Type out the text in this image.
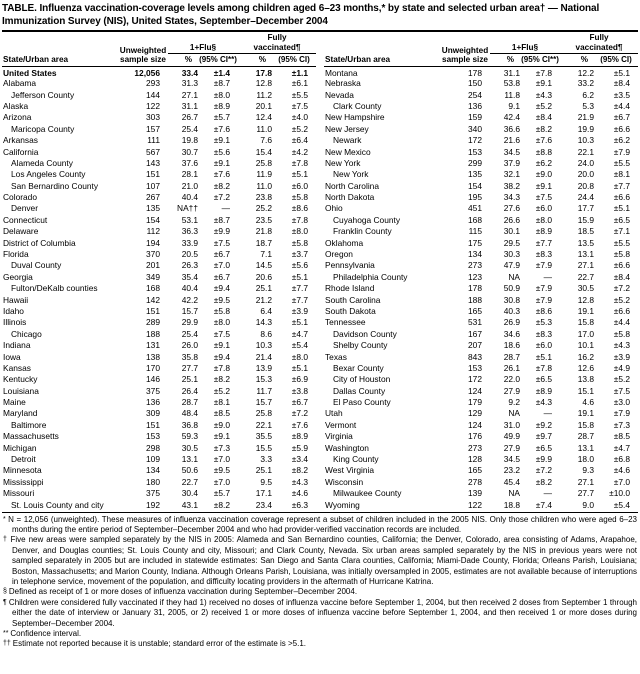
TABLE. Influenza vaccination-coverage levels among children aged 6–23 months,* by state and selected urban area† — National Immunization Survey (NIS), United States, September–December 2004
State/Urban area	Unweighted sample size	1+Flu§		Fully vaccinated¶	
		%	(95% CI**)	%	(95% CI)
United States	12,056	33.4	±1.4	17.8	±1.1
Alabama	293	31.3	±8.7	12.8	±6.1
Jefferson County	144	27.1	±8.0	11.2	±5.5
Alaska	122	31.1	±8.9	20.1	±7.5
Arizona	303	26.7	±5.7	12.4	±4.0
Maricopa County	157	25.4	±7.6	11.0	±5.2
Arkansas	111	19.8	±9.1	7.6	±6.4
California	567	30.7	±5.6	15.4	±4.2
Alameda County	143	37.6	±9.1	25.8	±7.8
Los Angeles County	151	28.1	±7.6	11.9	±5.1
San Bernardino County	107	21.0	±8.2	11.0	±6.0
Colorado	267	40.4	±7.2	23.8	±5.8
Denver	135	NA††	—	25.2	±8.6
Connecticut	154	53.1	±8.7	23.5	±7.8
Delaware	112	36.3	±9.9	21.8	±8.0
District of Columbia	194	33.9	±7.5	18.7	±5.8
Florida	370	20.5	±6.7	7.1	±3.7
Duval County	201	26.3	±7.0	14.5	±5.6
Georgia	349	35.4	±6.7	20.6	±5.1
Fulton/DeKalb counties	168	40.4	±9.4	25.1	±7.7
Hawaii	142	42.2	±9.5	21.2	±7.7
Idaho	151	15.7	±5.8	6.4	±3.9
Illinois	289	29.9	±8.0	14.3	±5.1
Chicago	188	25.4	±7.5	8.6	±4.7
Indiana	131	26.0	±9.1	10.3	±5.4
Iowa	138	35.8	±9.4	21.4	±8.0
Kansas	170	27.7	±7.8	13.9	±5.1
Kentucky	146	25.1	±8.2	15.3	±6.9
Louisiana	375	26.4	±5.2	11.7	±3.8
Maine	136	28.7	±8.1	15.7	±6.7
Maryland	309	48.4	±8.5	25.8	±7.2
Baltimore	151	36.8	±9.0	22.1	±7.6
Massachusetts	153	59.3	±9.1	35.5	±8.9
Michigan	298	30.5	±7.3	15.5	±5.9
Detroit	109	13.1	±7.0	3.3	±3.4
Minnesota	134	50.6	±9.5	25.1	±8.2
Mississippi	180	22.7	±7.0	9.5	±4.3
Missouri	375	30.4	±5.7	17.1	±4.6
St. Louis County and city	192	43.1	±8.2	23.4	±6.3
State/Urban area	Unweighted sample size	1+Flu§		Fully vaccinated¶	
		%	(95% CI**)	%	(95% CI)
Montana	178	31.1	±7.8	12.2	±5.1
Nebraska	150	53.8	±9.1	33.2	±8.4
Nevada	254	11.8	±4.3	6.2	±3.5
Clark County	136	9.1	±5.2	5.3	±4.4
New Hampshire	159	42.4	±8.4	21.9	±6.7
New Jersey	340	36.6	±8.2	19.9	±6.6
Newark	172	21.6	±7.6	10.3	±6.2
New Mexico	153	34.5	±8.8	22.1	±7.9
New York	299	37.9	±6.2	24.0	±5.5
New York	135	32.1	±9.0	20.0	±8.1
North Carolina	154	38.2	±9.1	20.8	±7.7
North Dakota	195	34.3	±7.5	24.4	±6.6
Ohio	451	27.6	±6.0	17.7	±5.1
Cuyahoga County	168	26.6	±8.0	15.9	±6.5
Franklin County	115	30.1	±8.9	18.5	±7.1
Oklahoma	175	29.5	±7.7	13.5	±5.5
Oregon	134	30.3	±8.3	13.1	±5.8
Pennsylvania	273	47.9	±7.9	27.1	±6.6
Philadelphia County	123	NA	—	22.7	±8.4
Rhode Island	178	50.9	±7.9	30.5	±7.2
South Carolina	188	30.8	±7.9	12.8	±5.2
South Dakota	165	40.3	±8.6	19.1	±6.6
Tennessee	531	26.9	±5.3	15.8	±4.4
Davidson County	167	34.6	±8.3	17.0	±5.8
Shelby County	207	18.6	±6.0	10.1	±4.3
Texas	843	28.7	±5.1	16.2	±3.9
Bexar County	153	26.1	±7.8	12.6	±4.9
City of Houston	172	22.0	±6.5	13.8	±5.2
Dallas County	124	27.9	±8.9	15.1	±7.5
El Paso County	179	9.2	±4.3	4.6	±3.0
Utah	129	NA	—	19.1	±7.9
Vermont	124	31.0	±9.2	15.8	±7.3
Virginia	176	49.9	±9.7	28.7	±8.5
Washington	273	27.9	±6.5	13.1	±4.7
King County	128	34.5	±9.9	18.0	±6.8
West Virginia	165	23.2	±7.2	9.3	±4.6
Wisconsin	278	45.4	±8.2	27.1	±7.0
Milwaukee County	139	NA	—	27.7	±10.0
Wyoming	122	18.8	±7.4	9.0	±5.4
* N = 12,056 (unweighted). These measures of influenza vaccination coverage represent a subset of children included in the 2005 NIS. Only those children who were aged 6–23 months during the entire period of September–December 2004 and who had provider-verified vaccination records are included.
† Five new areas were sampled separately by the NIS in 2005: Alameda and San Bernardino counties, California; the Denver, Colorado, area consisting of Adams, Arapahoe, Denver, and Douglas counties; St. Louis County and city, Missouri; and Clark County, Nevada. Six urban areas sampled separately by the NIS in previous years were not sampled separately in 2005 but are included in statewide estimates: San Diego and Santa Clara counties, California; Miami-Dade County, Florida; Orleans Parish, Louisiana; Boston, Massachusetts; and Marion County, Indiana. Although Orleans Parish, Louisiana, was initially oversampled in 2005, estimates are not available because of interruptions in telephone service, movement of the population, and difficulty locating providers in the aftermath of Hurricane Katrina.
§ Defined as receipt of 1 or more doses of influenza vaccination during September–December 2004.
¶ Children were considered fully vaccinated if they had 1) received no doses of influenza vaccine before September 1, 2004, but then received 2 doses from September 1 through either the date of interview or January 31, 2005, or 2) received 1 or more doses of influenza vaccine before September 1, 2004, and then received 1 or more doses during September–December 2004.
** Confidence interval.
†† Estimate not reported because it is unstable; standard error of the estimate is >5.1.
